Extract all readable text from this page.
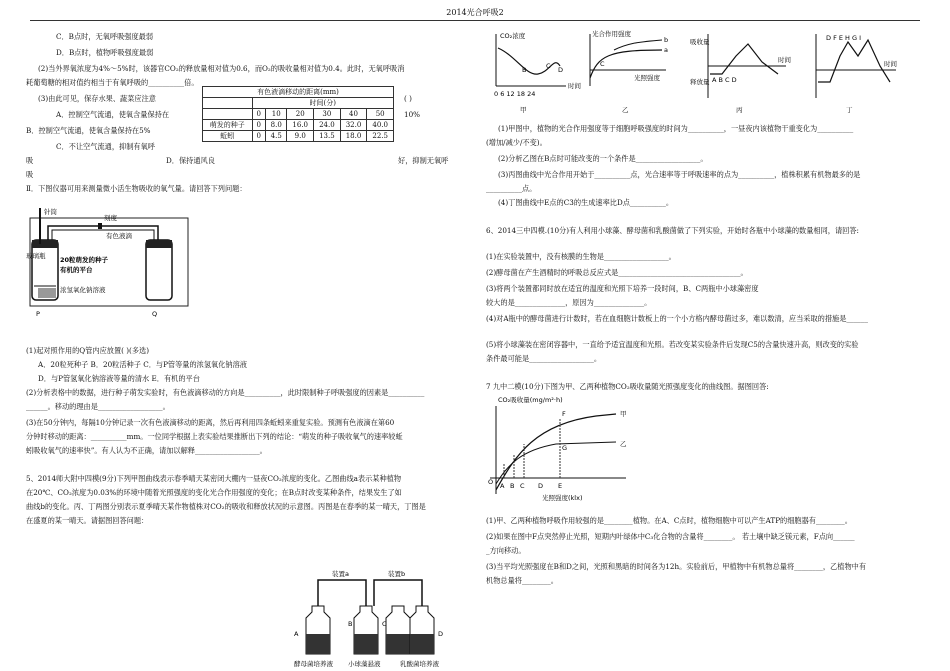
2014光合呼吸2
C．B点时，无氧呼吸强度最弱
D．B点时，植物呼吸强度最弱
(2)当外界氧浓度为4%～5%时，该器官CO₂的释放量相对值为0.6，而O₂的吸收量相对值为0.4。此时，无氧呼吸消
耗葡萄糖的相对值约相当于有氧呼吸的__________倍。
(3)由此可见，保存水果、蔬菜应注意	( )
A．控制空气流通，使氧含量保持在	10%
B．控制空气流通，使氧含量保持在5%
C．不让空气流通，抑制有氧呼
吸	D．保持通风良	好，抑制无氧呼
吸
有色液滴移动的距离(mm)						
	时间(分)					
	0	10	20	30	40	50
萌发的种子	0	8.0	16.0	24.0	32.0	40.0
蚯蚓	0	4.5	9.0	13.5	18.0	22.5
Ⅱ．下图仪器可用来测量微小活生物吸收的氧气量。请回答下列问题：
针筒
刻度
有色液滴
20粒萌发的种子
有机的平台
浓氢氧化钠溶液
玻璃瓶
P	Q
(1)起对照作用的Q管内应放置( )(多选)
A．20粒死种子 B．20粒活种子 C．与P管等量的浓氢氧化钠溶液
D．与P管氢氧化钠溶液等量的清水 E．有机的平台
(2)分析表格中的数据，进行种子萌发实验时，有色液滴移动的方向是__________，此时限制种子呼吸强度的因素是__________
______。移动的理由是__________________。
(3)在50分钟内，每隔10分钟记录一次有色液滴移动的距离，然后再利用四条蚯蚓来重复实验。预测有色液滴在第60
分钟时移动的距离：__________mm。一位同学根据上表实验结果推断出下列的结论：“萌发的种子吸收氧气的速率较蚯
蚓吸收氧气的速率快”。有人认为不正确，请加以解释__________________。
5、2014师大附中四模(9分)下列甲图曲线表示春季晴天某密闭大棚内一昼夜CO₂浓度的变化。乙图曲线a表示某种植物
在20℃、CO₂浓度为0.03%的环境中随着光照强度的变化光合作用强度的变化；在B点时改变某种条件，结果发生了如
曲线b的变化。丙、丁两图分别表示夏季晴天某作物植株对CO₂的吸收和释放状况的示意图。丙图是在春季的某一晴天，丁图是
在盛夏的某一晴天。请据图回答问题：
装置a	装置b
A
B	C
D
酵母菌培养液 小球藻悬液	乳酸菌培养液
CO₂浓度
0 6 12 18 24
时间
B	C D
甲
光合作用强度
b
a
C
光照强度
乙
吸收量
释放量 A B C D
时间
丙
D F E H G I
时间
丁
(1)甲图中，植物的光合作用强度等于细胞呼吸强度的时间为__________，一昼夜内该植物干重变化为__________
(增加/减少/不变)。
(2)分析乙图在B点时可能改变的一个条件是__________________。
(3)丙图曲线中光合作用开始于__________点，光合速率等于呼吸速率的点为__________，植株积累有机物最多的是
__________点。
(4)丁图曲线中E点的C3的生成速率比D点__________。
6、2014三中四模.(10分)有人利用小球藻、酵母菌和乳酸菌做了下列实验，开始时各瓶中小球藻的数量相同，请回答:
(1)在实验装置中，没有核膜的生物是__________________。
(2)酵母菌在产生酒精时的呼吸总反应式是__________________________________。
(3)将两个装置都同时放在适宜的温度和光照下培养一段时间，B、C两瓶中小球藻密度
较大的是______________，原因为______________。
(4)对A瓶中的酵母菌进行计数时，若在血细胞计数板上的一个小方格内酵母菌过多，难以数清，应当采取的措施是______
(5)将小球藻装在密闭容器中，一直给予适宜温度和光照。若改变某实验条件后发现C5的含量快速升高，则改变的实验
条件最可能是__________________。
7 九中二模(10分)下图为甲、乙两种植物CO₂吸收量随光照强度变化的曲线图。据图回答:
CO₂吸收量(mg/m²·h)
光照强度(klx)
甲
乙
O A B C D E
F
G
(1)甲、乙两种植物呼吸作用较强的是________植物。在A、C点时，植物细胞中可以产生ATP的细胞器有________。
(2)如果在图中F点突然停止光照，短期内叶绿体中C₃化合物的含量将________。 若土壤中缺乏镁元素，F点向______
_方向移动。
(3)当平均光照强度在B和D之间，光照和黑暗的时间各为12h。实验前后，甲植物中有机物总量将________，乙植物中有
机物总量将________。
